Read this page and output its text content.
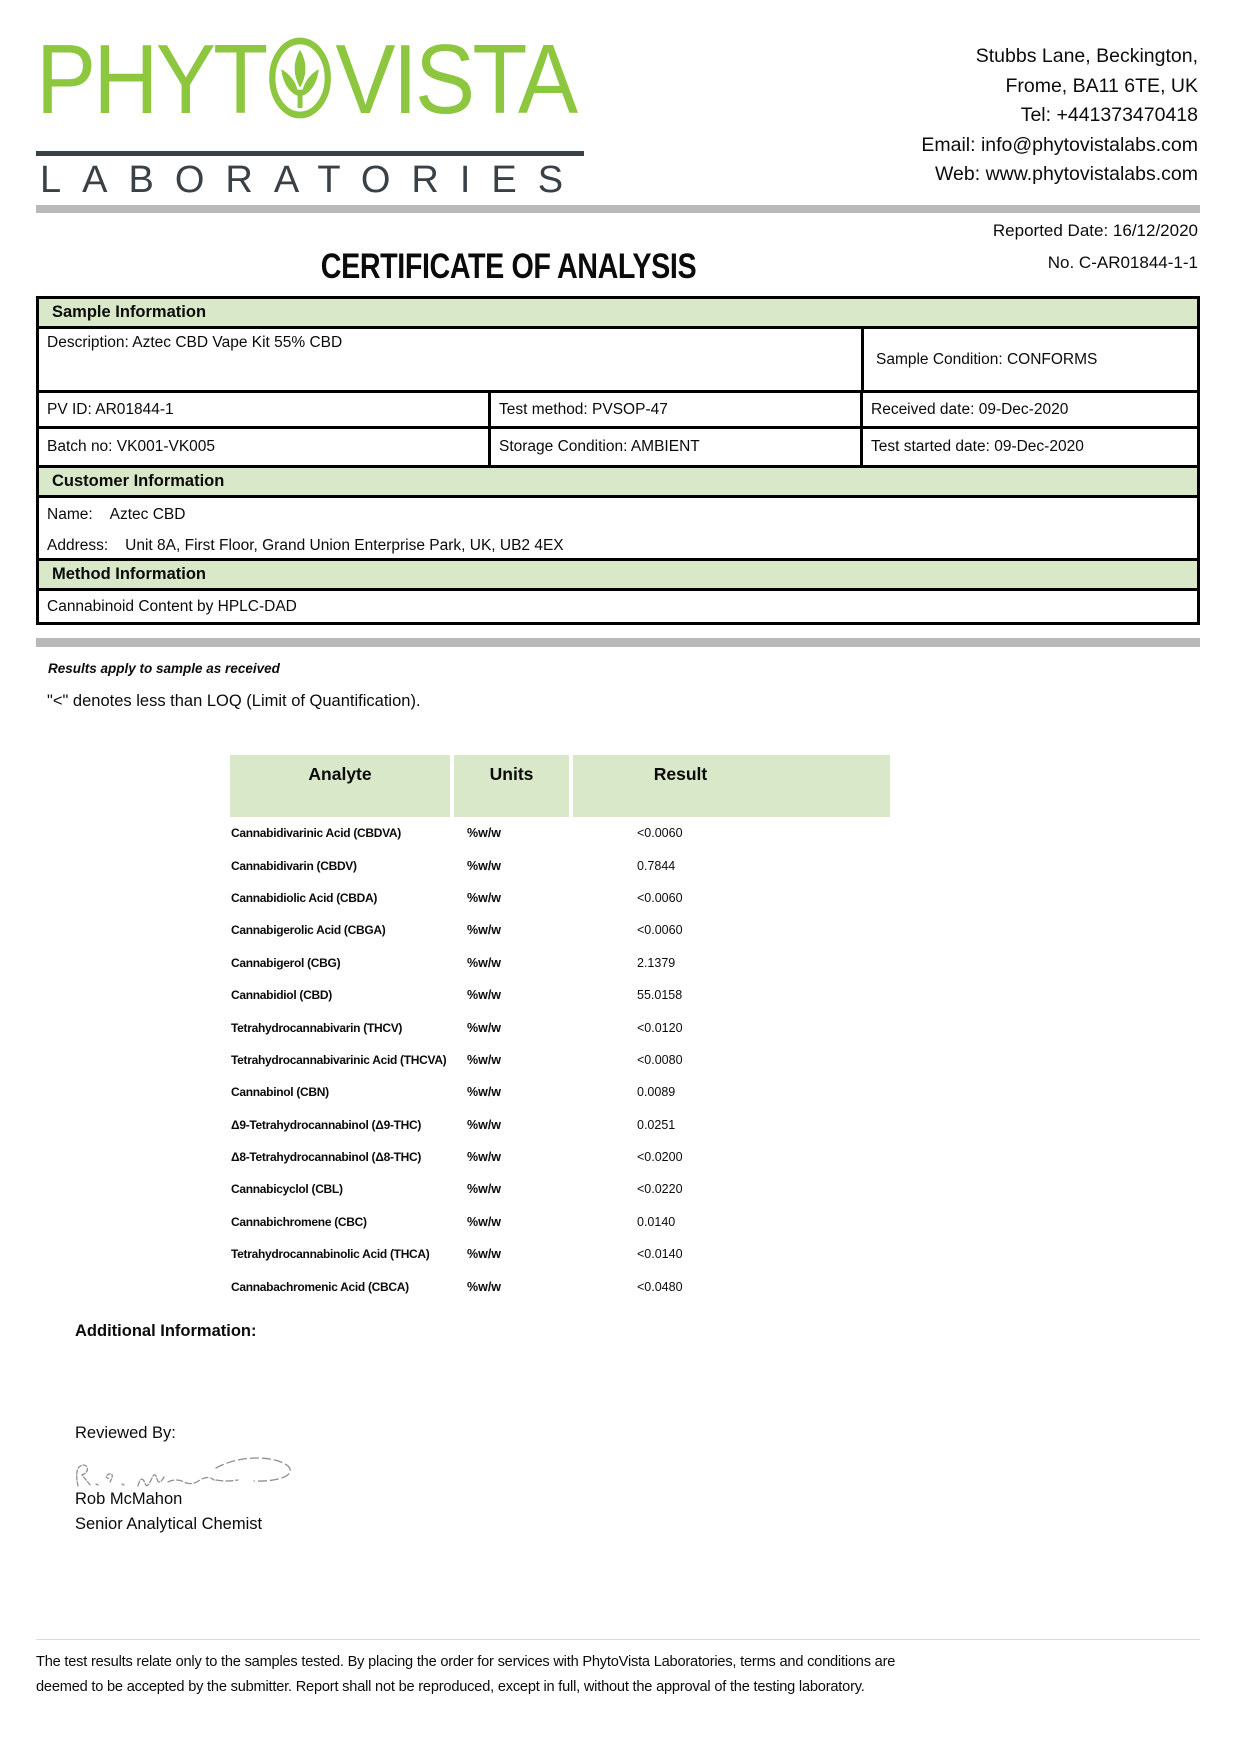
PHYT VISTA
LABORATORIES
Stubbs Lane, Beckington,
Frome, BA11 6TE, UK
Tel: +441373470418
Email: info@phytovistalabs.com
Web: www.phytovistalabs.com
Reported Date: 16/12/2020
CERTIFICATE OF ANALYSIS	No. C-AR01844-1-1
Sample Information
Description: Aztec CBD Vape Kit 55% CBD
Sample Condition: CONFORMS
PV ID: AR01844-1	Test method: PVSOP-47	Received date: 09-Dec-2020
Batch no: VK001-VK005	Storage Condition: AMBIENT	Test started date: 09-Dec-2020
Customer Information
Name: Aztec CBD
Address: Unit 8A, First Floor, Grand Union Enterprise Park, UK, UB2 4EX
Method Information
Cannabinoid Content by HPLC-DAD
Results apply to sample as received
"<" denotes less than LOQ (Limit of Quantification).
Analyte	Units	Result
Cannabidivarinic Acid (CBDVA)	%w/w	<0.0060
Cannabidivarin (CBDV)	%w/w	0.7844
Cannabidiolic Acid (CBDA)	%w/w	<0.0060
Cannabigerolic Acid (CBGA)	%w/w	<0.0060
Cannabigerol (CBG)	%w/w	2.1379
Cannabidiol (CBD)	%w/w	55.0158
Tetrahydrocannabivarin (THCV)	%w/w	<0.0120
Tetrahydrocannabivarinic Acid (THCVA)	%w/w	<0.0080
Cannabinol (CBN)	%w/w	0.0089
Δ9-Tetrahydrocannabinol (Δ9-THC)	%w/w	0.0251
Δ8-Tetrahydrocannabinol (Δ8-THC)	%w/w	<0.0200
Cannabicyclol (CBL)	%w/w	<0.0220
Cannabichromene (CBC)	%w/w	0.0140
Tetrahydrocannabinolic Acid (THCA)	%w/w	<0.0140
Cannabachromenic Acid (CBCA)	%w/w	<0.0480
Additional Information:
Reviewed By:
Rob McMahon
Senior Analytical Chemist
The test results relate only to the samples tested. By placing the order for services with PhytoVista Laboratories, terms and conditions are
deemed to be accepted by the submitter. Report shall not be reproduced, except in full, without the approval of the testing laboratory.
